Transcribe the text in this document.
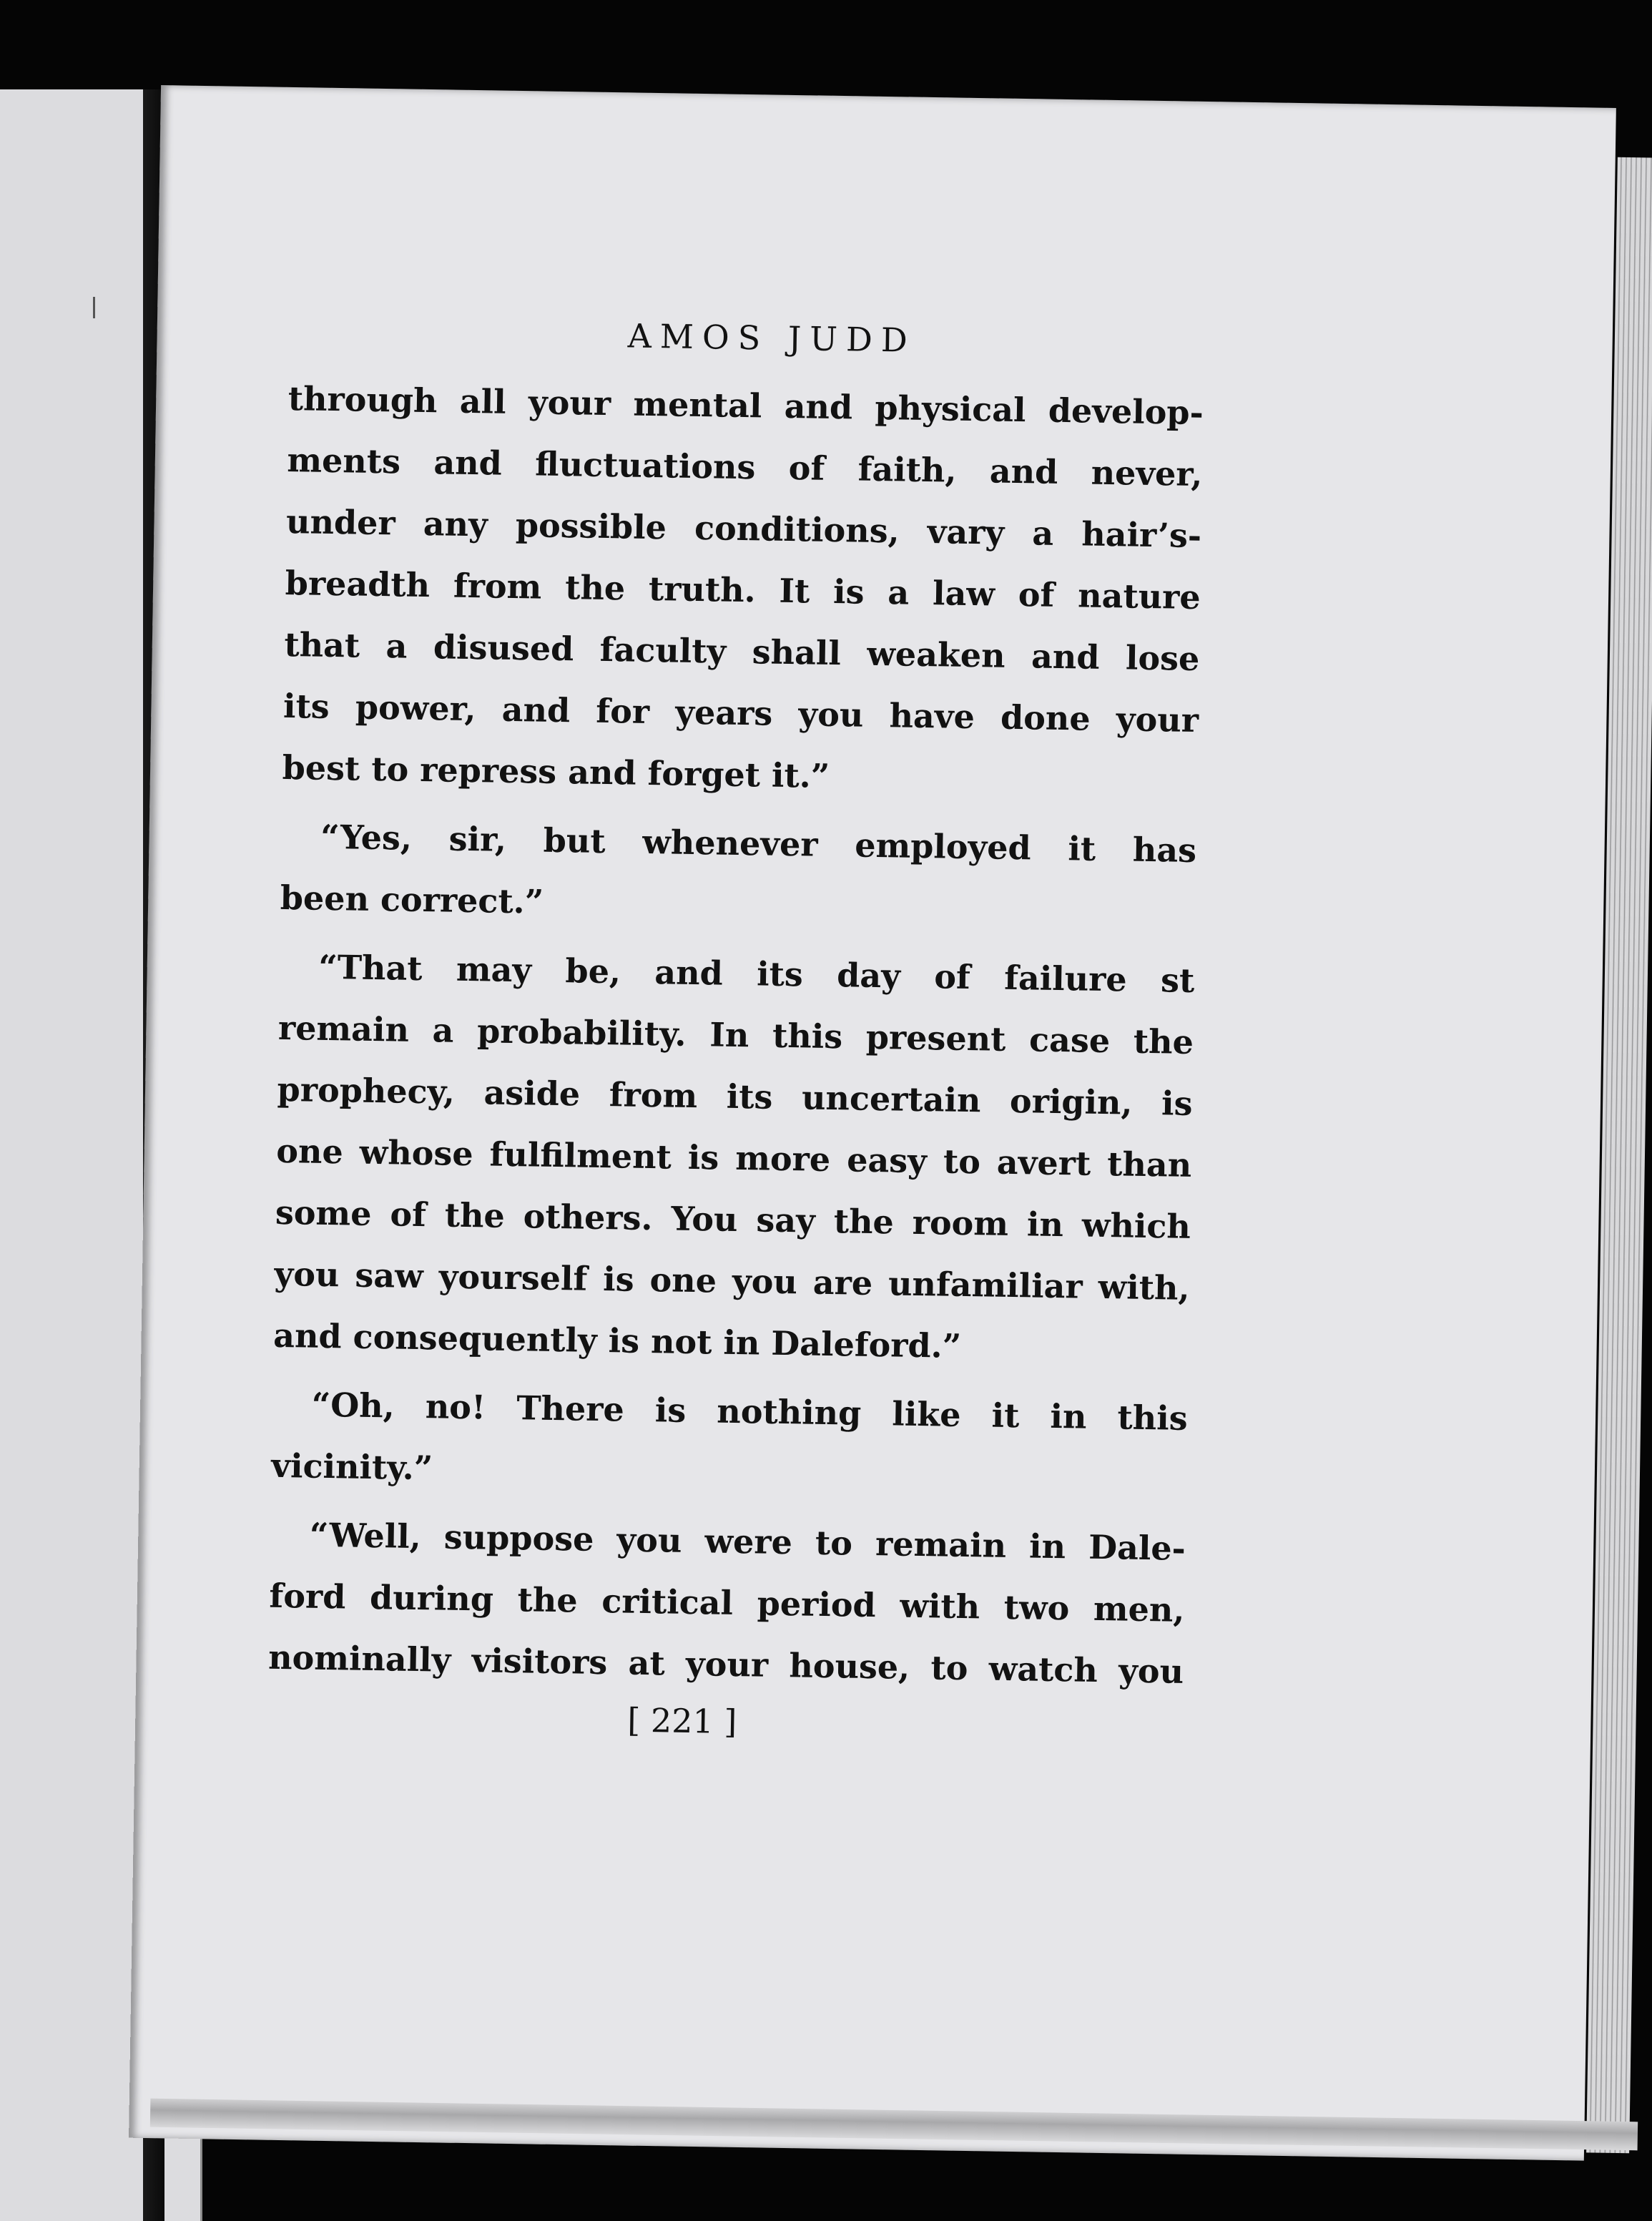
AMOS JUDD
through all your mental and physical develop-
ments and fluctuations of faith, and never,
under any possible conditions, vary a hair’s-
breadth from the truth. It is a law of nature
that a disused faculty shall weaken and lose
its power, and for years you have done your
best to repress and forget it.”
“Yes, sir, but whenever employed it has
been correct.”
“That may be, and its day of failure st
remain a probability. In this present case the
prophecy, aside from its uncertain origin, is
one whose fulfilment is more easy to avert than
some of the others. You say the room in which
you saw yourself is one you are unfamiliar with,
and consequently is not in Daleford.”
“Oh, no! There is nothing like it in this
vicinity.”
“Well, suppose you were to remain in Dale-
ford during the critical period with two men,
nominally visitors at your house, to watch you
[ 221 ]
